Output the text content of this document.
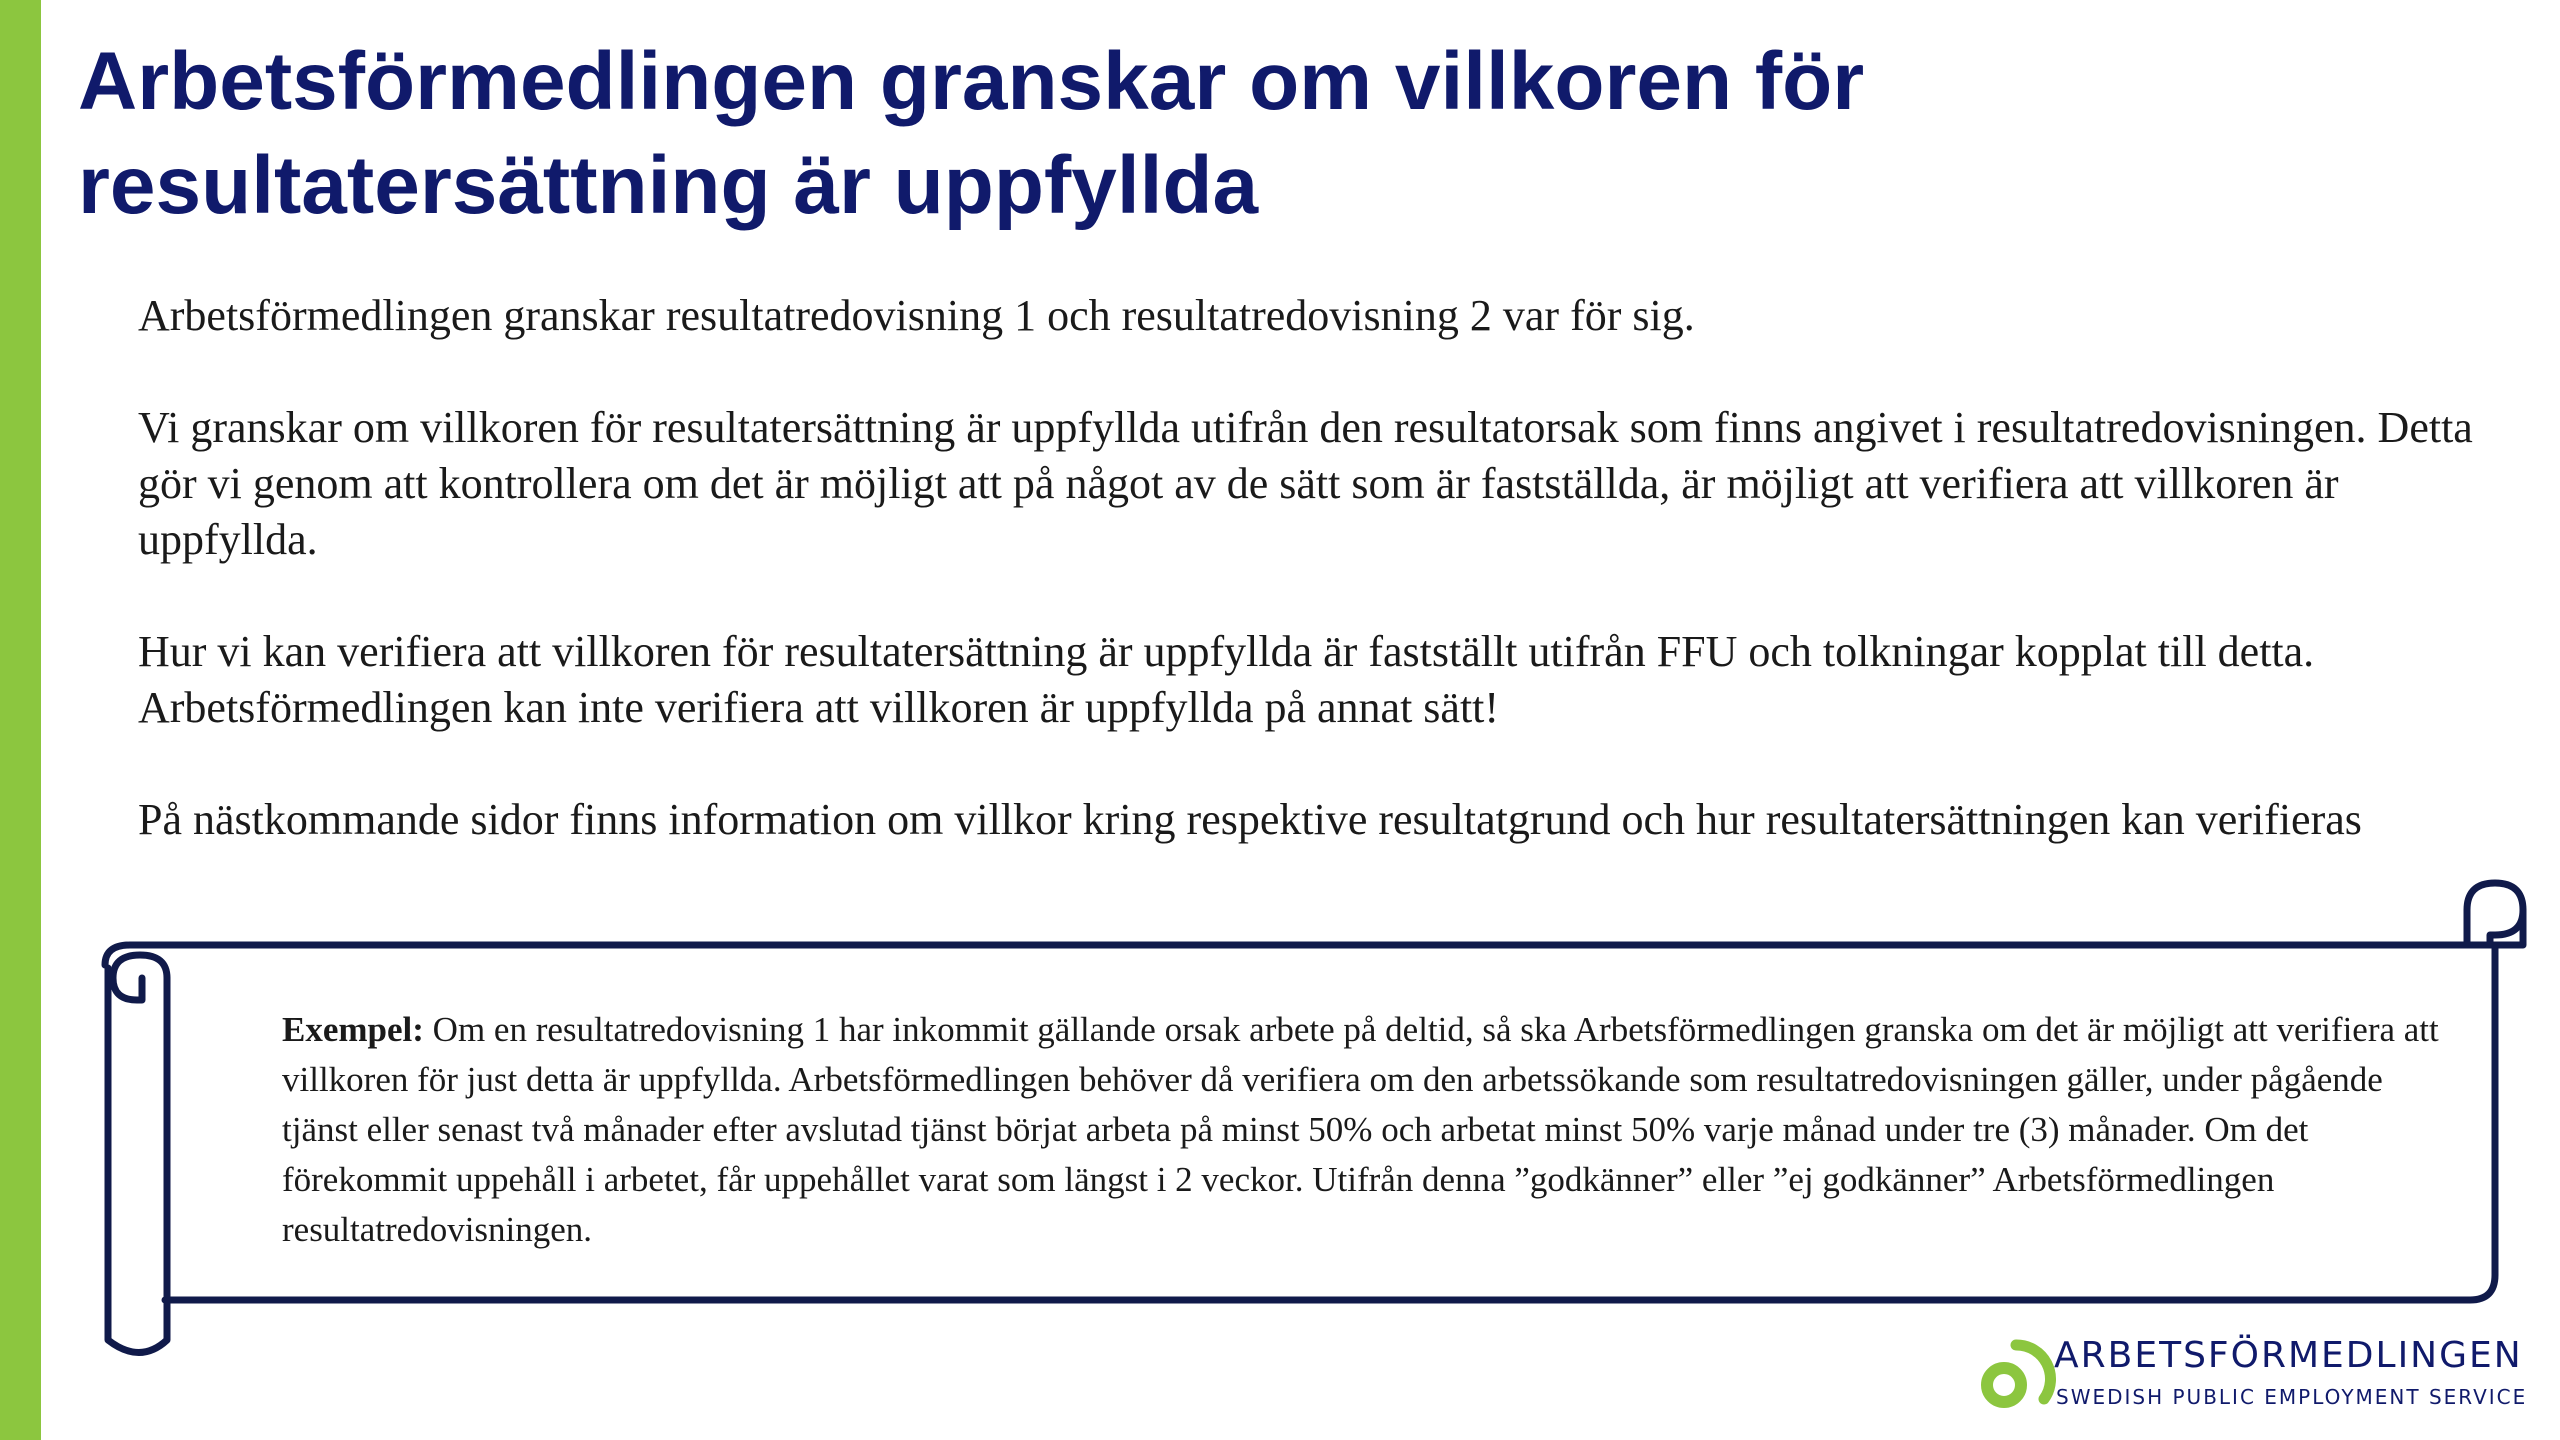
Arbetsförmedlingen granskar om villkoren för resultatersättning är uppfyllda

Arbetsförmedlingen granskar resultatredovisning 1 och resultatredovisning 2 var för sig.

Vi granskar om villkoren för resultatersättning är uppfyllda utifrån den resultatorsak som finns angivet i resultatredovisningen. Detta gör vi genom att kontrollera om det är möjligt att på något av de sätt som är fastställda, är möjligt att verifiera att villkoren är uppfyllda.

Hur vi kan verifiera att villkoren för resultatersättning är uppfyllda är fastställt utifrån FFU och tolkningar kopplat till detta. Arbetsförmedlingen kan inte verifiera att villkoren är uppfyllda på annat sätt!

På nästkommande sidor finns information om villkor kring respektive resultatgrund och hur resultatersättningen kan verifieras

Exempel: Om en resultatredovisning 1 har inkommit gällande orsak arbete på deltid, så ska Arbetsförmedlingen granska om det är möjligt att verifiera att villkoren för just detta är uppfyllda. Arbetsförmedlingen behöver då verifiera om den arbetssökande som resultatredovisningen gäller, under pågående tjänst eller senast två månader efter avslutad tjänst börjat arbeta på minst 50% och arbetat minst 50% varje månad under tre (3) månader. Om det förekommit uppehåll i arbetet, får uppehållet varat som längst i 2 veckor. Utifrån denna ”godkänner” eller ”ej godkänner” Arbetsförmedlingen resultatredovisningen.
ARBETSFÖRMEDLINGEN
SWEDISH PUBLIC EMPLOYMENT SERVICE
